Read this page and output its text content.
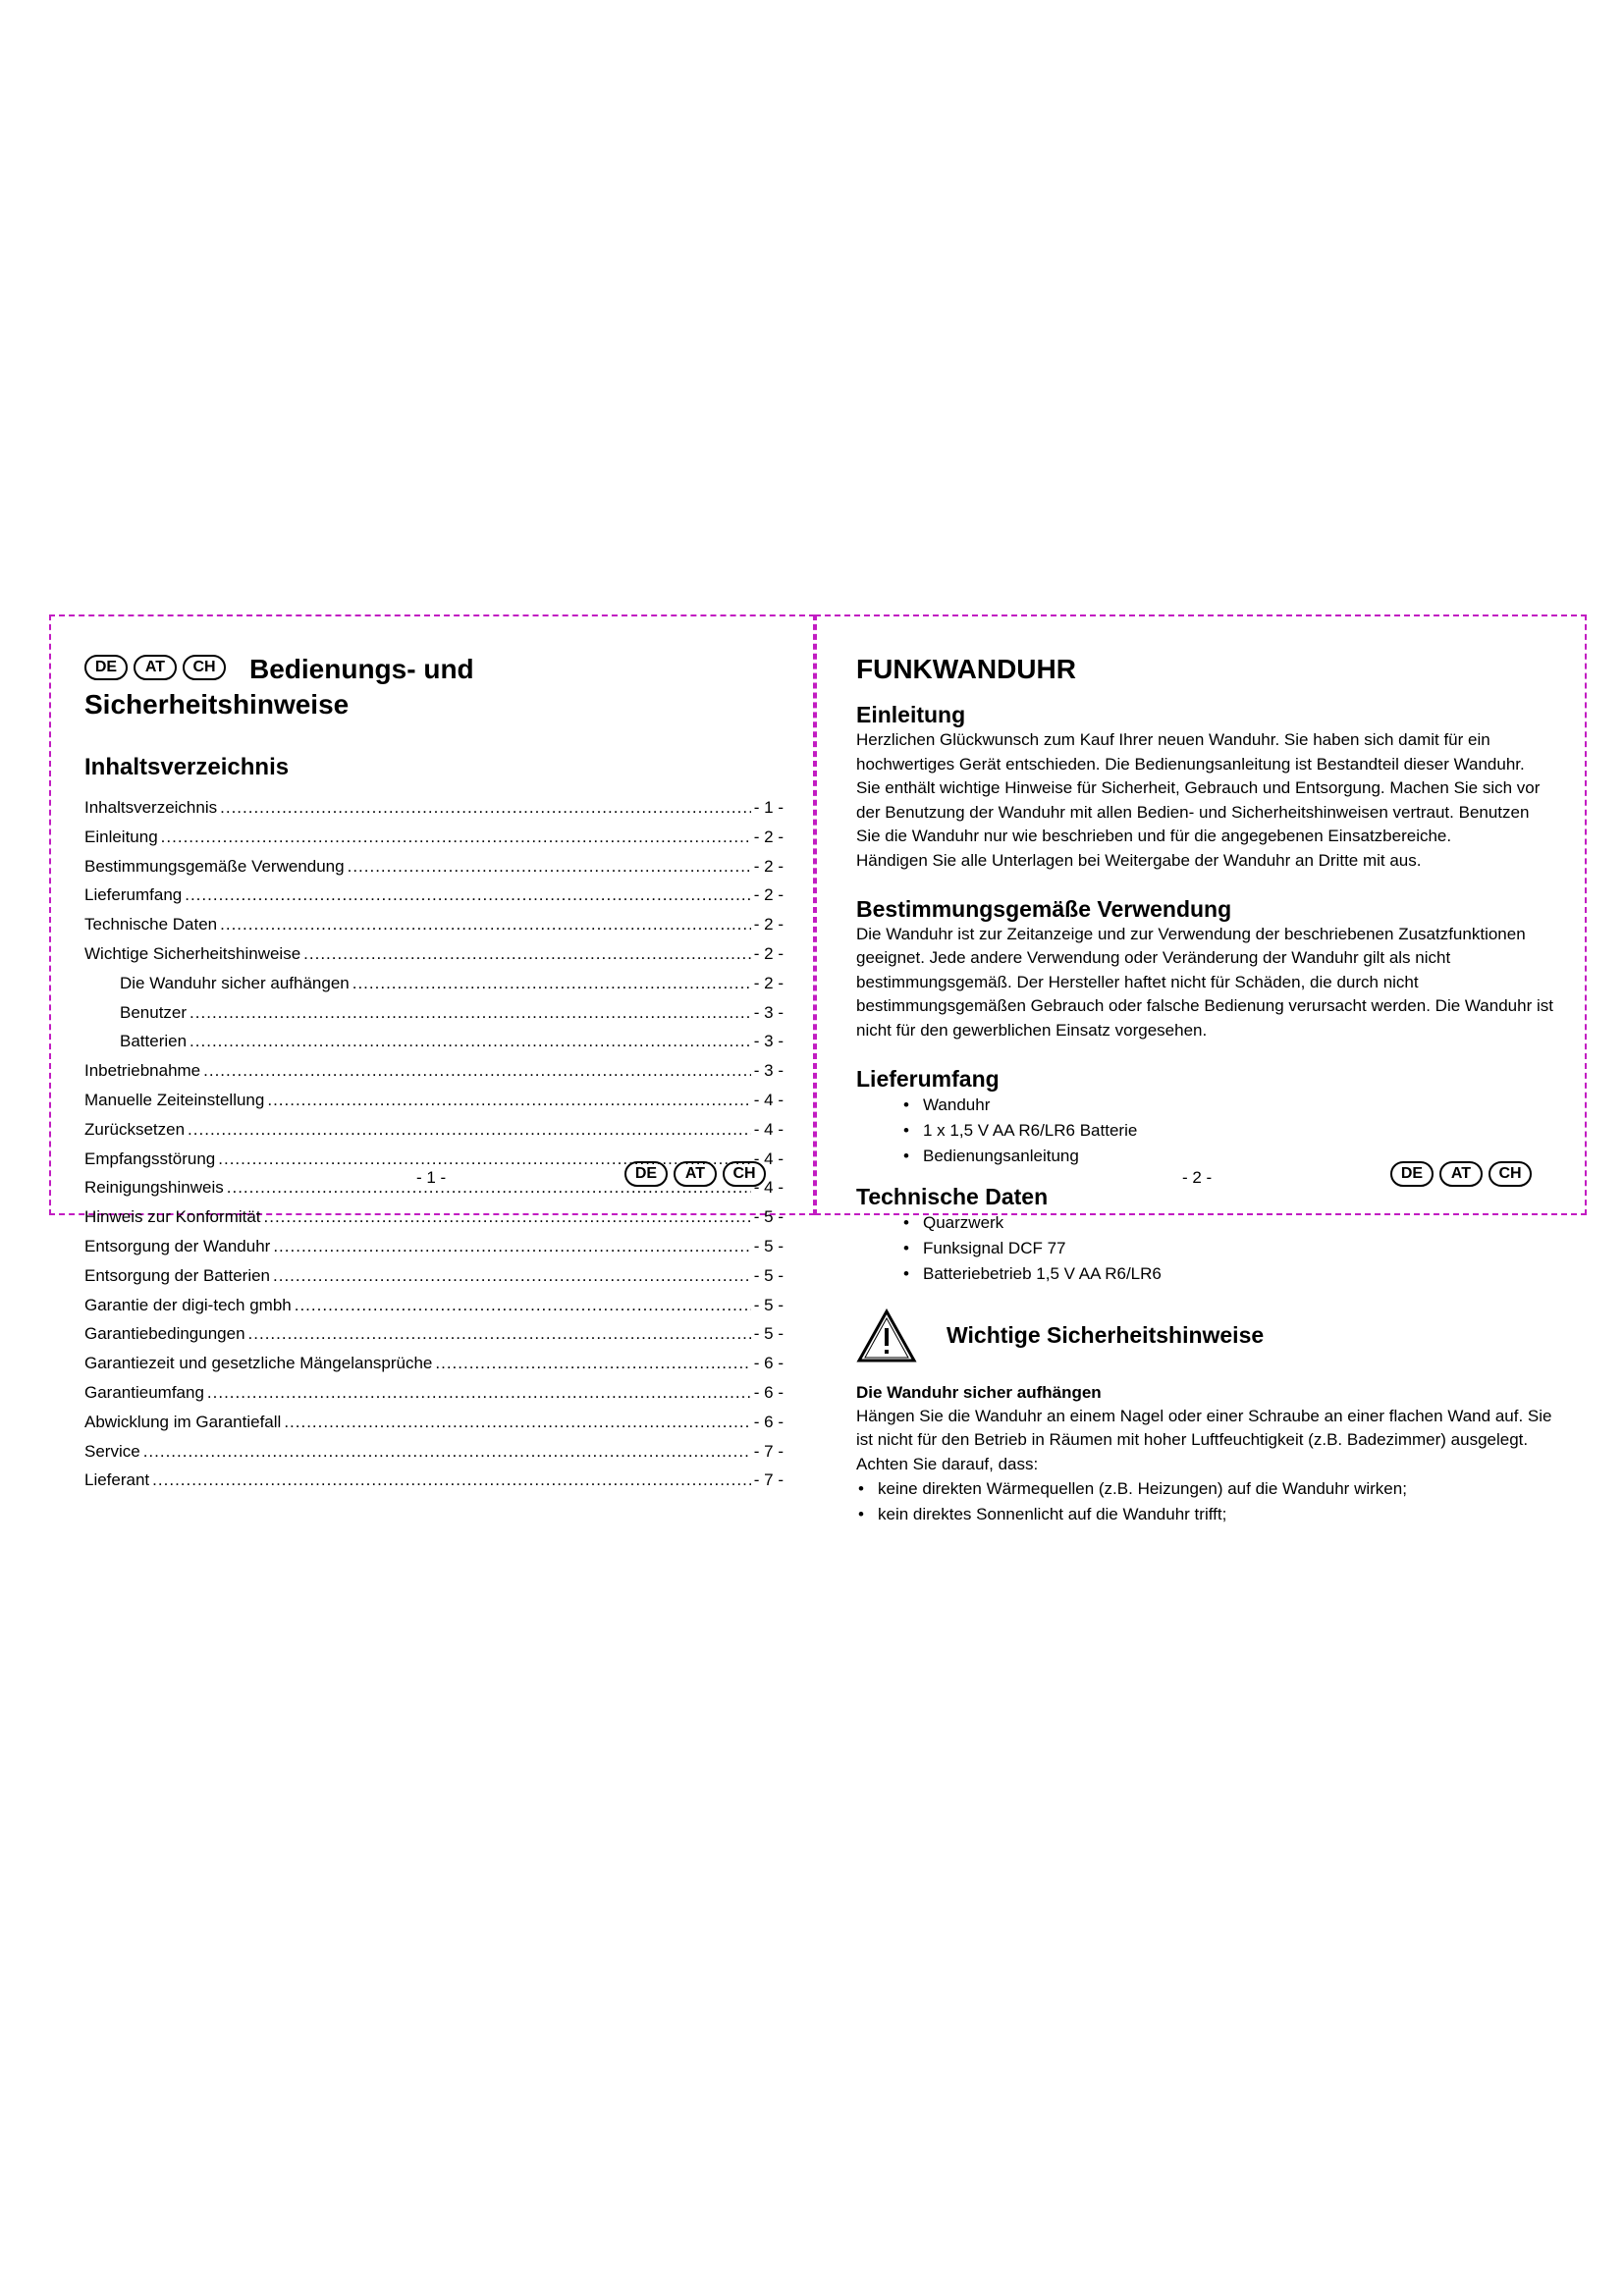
DE	AT	CH	Bedienungs- und
Sicherheitshinweise
Inhaltsverzeichnis
Inhaltsverzeichnis .....	- 1 -
Einleitung .....	- 2 -
Bestimmungsgemäße Verwendung .....	- 2 -
Lieferumfang .....	- 2 -
Technische Daten .....	- 2 -
Wichtige Sicherheitshinweise .....	- 2 -
Die Wanduhr sicher aufhängen .....	- 2 -
Benutzer .....	- 3 -
Batterien .....	- 3 -
Inbetriebnahme .....	- 3 -
Manuelle Zeiteinstellung .....	- 4 -
Zurücksetzen .....	- 4 -
Empfangsstörung .....	- 4 -
Reinigungshinweis .....	- 4 -
Hinweis zur Konformität .....	- 5 -
Entsorgung der Wanduhr .....	- 5 -
Entsorgung der Batterien .....	- 5 -
Garantie der digi-tech gmbh .....	- 5 -
Garantiebedingungen .....	- 5 -
Garantiezeit und gesetzliche Mängelansprüche .....	- 6 -
Garantieumfang .....	- 6 -
Abwicklung im Garantiefall .....	- 6 -
Service .....	- 7 -
Lieferant .....	- 7 -
- 1 -	DE	AT	CH
FUNKWANDUHR
Einleitung

Herzlichen Glückwunsch zum Kauf Ihrer neuen Wanduhr. Sie haben sich damit für ein hochwertiges Gerät entschieden. Die Bedienungsanleitung ist Bestandteil dieser Wanduhr. Sie enthält wichtige Hinweise für Sicherheit, Gebrauch und Entsorgung. Machen Sie sich vor der Benutzung der Wanduhr mit allen Bedien- und Sicherheitshinweisen vertraut. Benutzen Sie die Wanduhr nur wie beschrieben und für die angegebenen Einsatzbereiche.

Händigen Sie alle Unterlagen bei Weitergabe der Wanduhr an Dritte mit aus.

Bestimmungsgemäße Verwendung

Die Wanduhr ist zur Zeitanzeige und zur Verwendung der beschriebenen Zusatzfunktionen geeignet. Jede andere Verwendung oder Veränderung der Wanduhr gilt als nicht bestimmungsgemäß. Der Hersteller haftet nicht für Schäden, die durch nicht bestimmungsgemäßen Gebrauch oder falsche Bedienung verursacht werden. Die Wanduhr ist nicht für den gewerblichen Einsatz vorgesehen.

Lieferumfang
• Wanduhr
• 1 x 1,5 V AA R6/LR6 Batterie
• Bedienungsanleitung
Technische Daten
• Quarzwerk
• Funksignal DCF 77
• Batteriebetrieb 1,5 V AA R6/LR6
Wichtige Sicherheitshinweise

Die Wanduhr sicher aufhängen

Hängen Sie die Wanduhr an einem Nagel oder einer Schraube an einer flachen Wand auf. Sie ist nicht für den Betrieb in Räumen mit hoher Luftfeuchtigkeit (z.B. Badezimmer) ausgelegt. Achten Sie darauf, dass:

• keine direkten Wärmequellen (z.B. Heizungen) auf die Wanduhr wirken;
• kein direktes Sonnenlicht auf die Wanduhr trifft;
- 2 -	DE	AT	CH
